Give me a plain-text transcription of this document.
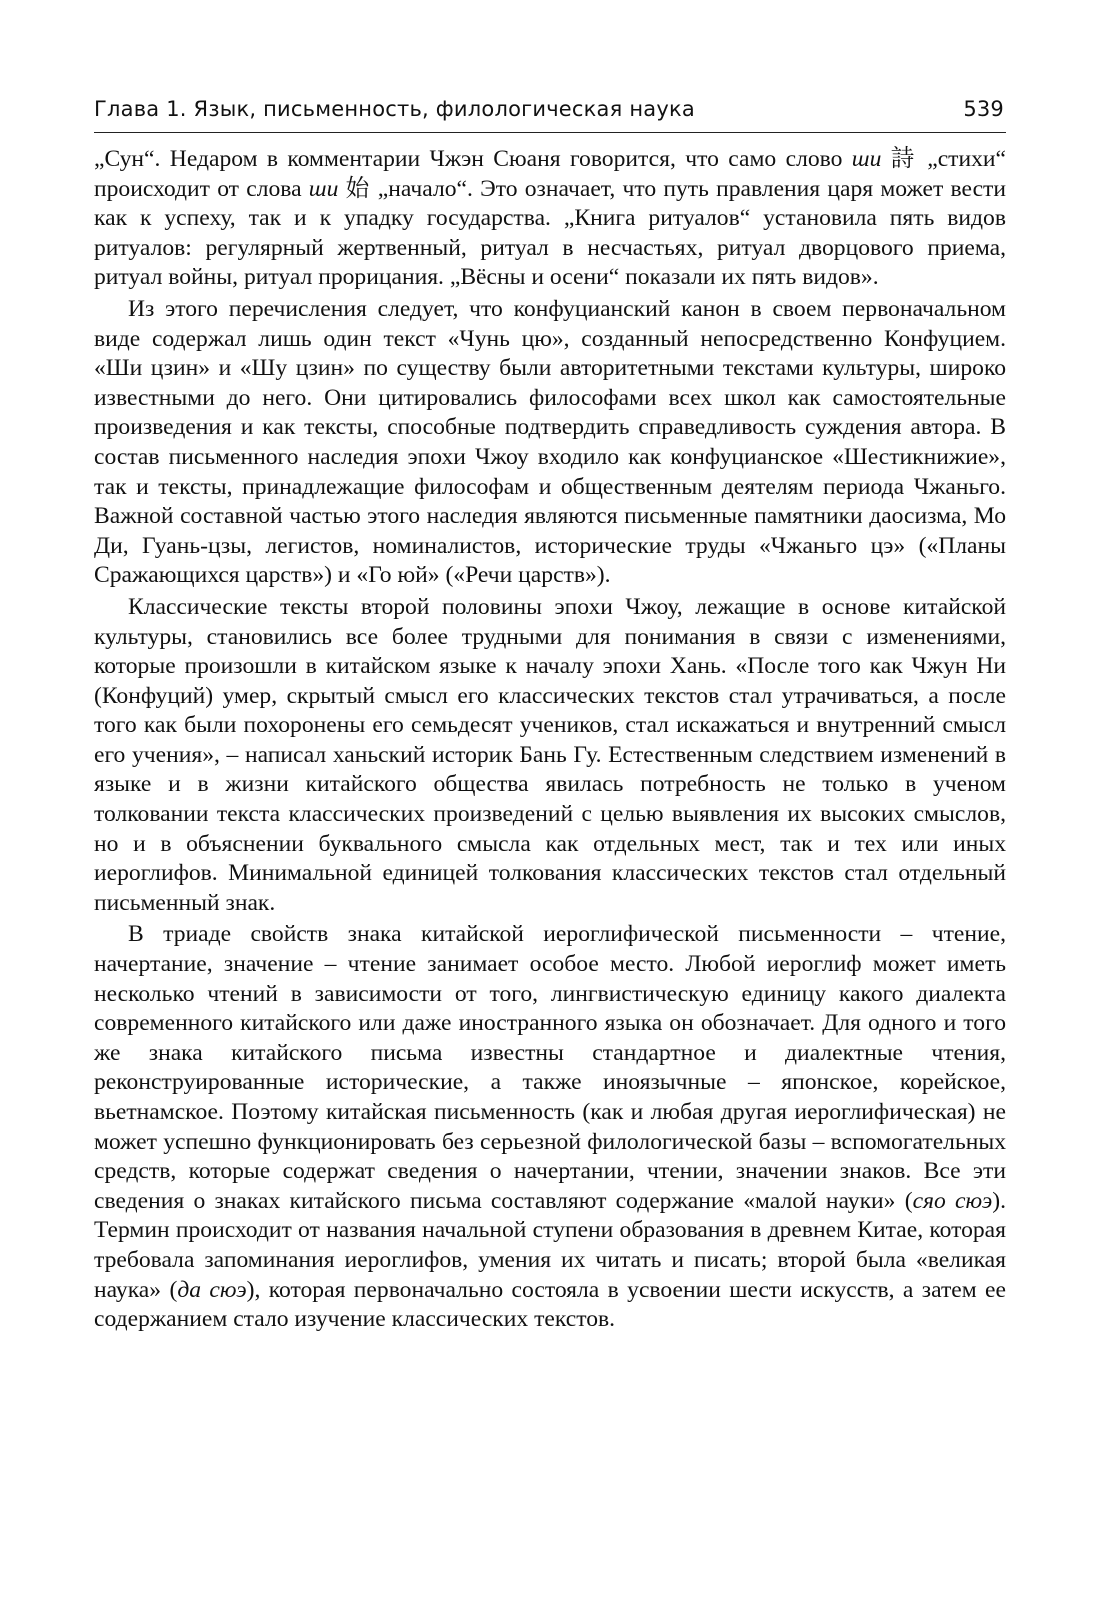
Глава 1. Язык, письменность, филологическая наука	539

„Сун“. Недаром в комментарии Чжэн Сюаня говорится, что само слово ши 詩 „стихи“ происходит от слова ши 始 „начало“. Это означает, что путь правления царя может вести как к успеху, так и к упадку государства. „Книга ритуалов“ установила пять видов ритуалов: регулярный жертвенный, ритуал в несчастьях, ритуал дворцового приема, ритуал войны, ритуал прорицания. „Вёсны и осени“ показали их пять видов».

Из этого перечисления следует, что конфуцианский канон в своем первоначальном виде содержал лишь один текст «Чунь цю», созданный непосредственно Конфуцием. «Ши цзин» и «Шу цзин» по существу были авторитетными текстами культуры, широко известными до него. Они цитировались философами всех школ как самостоятельные произведения и как тексты, способные подтвердить справедливость суждения автора. В состав письменного наследия эпохи Чжоу входило как конфуцианское «Шестикнижие», так и тексты, принадлежащие философам и общественным деятелям периода Чжаньго. Важной составной частью этого наследия являются письменные памятники даосизма, Мо Ди, Гуань-цзы, легистов, номиналистов, исторические труды «Чжаньго цэ» («Планы Сражающихся царств») и «Го юй» («Речи царств»).

Классические тексты второй половины эпохи Чжоу, лежащие в основе китайской культуры, становились все более трудными для понимания в связи с изменениями, которые произошли в китайском языке к началу эпохи Хань. «После того как Чжун Ни (Конфуций) умер, скрытый смысл его классических текстов стал утрачиваться, а после того как были похоронены его семьдесят учеников, стал искажаться и внутренний смысл его учения», – написал ханьский историк Бань Гу. Естественным следствием изменений в языке и в жизни китайского общества явилась потребность не только в ученом толковании текста классических произведений с целью выявления их высоких смыслов, но и в объяснении буквального смысла как отдельных мест, так и тех или иных иероглифов. Минимальной единицей толкования классических текстов стал отдельный письменный знак.

В триаде свойств знака китайской иероглифической письменности – чтение, начертание, значение – чтение занимает особое место. Любой иероглиф может иметь несколько чтений в зависимости от того, лингвистическую единицу какого диалекта современного китайского или даже иностранного языка он обозначает. Для одного и того же знака китайского письма известны стандартное и диалектные чтения, реконструированные исторические, а также иноязычные – японское, корейское, вьетнамское. Поэтому китайская письменность (как и любая другая иероглифическая) не может успешно функционировать без серьезной филологической базы – вспомогательных средств, которые содержат сведения о начертании, чтении, значении знаков. Все эти сведения о знаках китайского письма составляют содержание «малой науки» (сяо сюэ). Термин происходит от названия начальной ступени образования в древнем Китае, которая требовала запоминания иероглифов, умения их читать и писать; второй была «великая наука» (да сюэ), которая первоначально состояла в усвоении шести искусств, а затем ее содержанием стало изучение классических текстов.
